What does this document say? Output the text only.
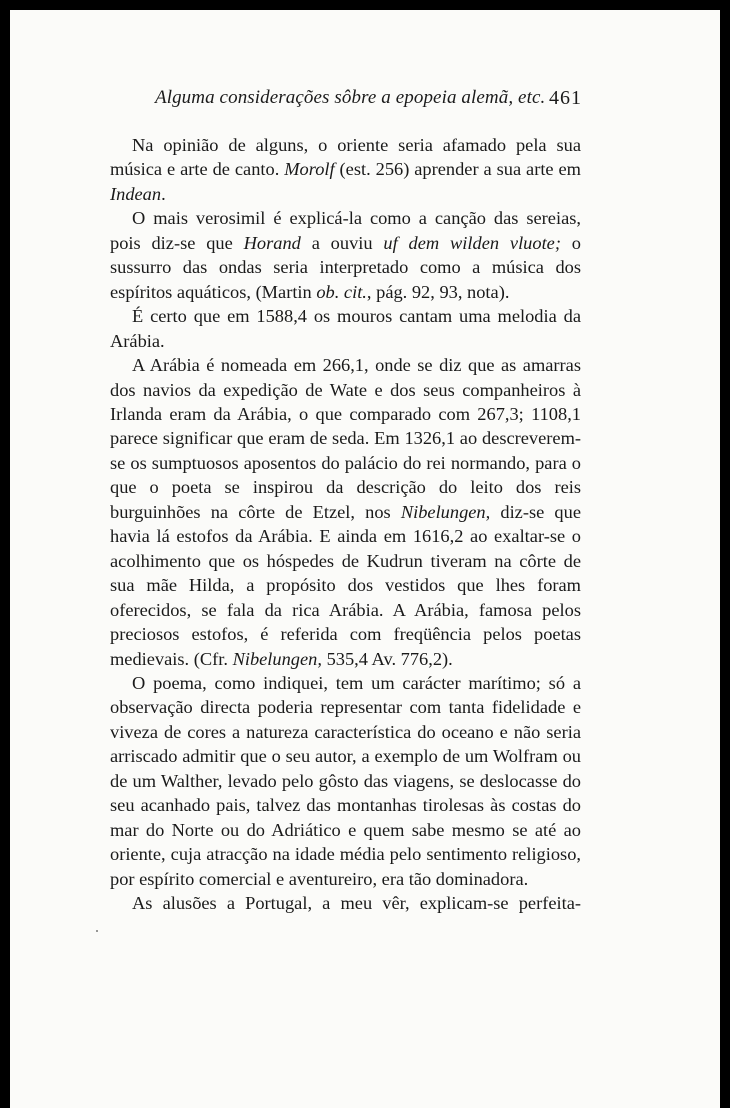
Alguma considerações sôbre a epopeia alemã, etc. 461

Na opinião de alguns, o oriente seria afamado pela sua música e arte de canto. Morolf (est. 256) aprender a sua arte em Indean.

O mais verosimil é explicá-la como a canção das sereias, pois diz-se que Horand a ouviu uf dem wilden vluote; o sussurro das ondas seria interpretado como a música dos espíritos aquáticos, (Martin ob. cit., pág. 92, 93, nota).

É certo que em 1588,4 os mouros cantam uma melodia da Arábia.

A Arábia é nomeada em 266,1, onde se diz que as amarras dos navios da expedição de Wate e dos seus companheiros à Irlanda eram da Arábia, o que comparado com 267,3; 1108,1 parece significar que eram de seda. Em 1326,1 ao descreverem-se os sumptuosos aposentos do palácio do rei normando, para o que o poeta se inspirou da descrição do leito dos reis burguinhões na côrte de Etzel, nos Nibelungen, diz-se que havia lá estofos da Arábia. E ainda em 1616,2 ao exaltar-se o acolhimento que os hóspedes de Kudrun tiveram na côrte de sua mãe Hilda, a propósito dos vestidos que lhes foram oferecidos, se fala da rica Arábia. A Arábia, famosa pelos preciosos estofos, é referida com freqüência pelos poetas medievais. (Cfr. Nibelungen, 535,4 Av. 776,2).

O poema, como indiquei, tem um carácter marítimo; só a observação directa poderia representar com tanta fidelidade e viveza de cores a natureza característica do oceano e não seria arriscado admitir que o seu autor, a exemplo de um Wolfram ou de um Walther, levado pelo gôsto das viagens, se deslocasse do seu acanhado pais, talvez das montanhas tirolesas às costas do mar do Norte ou do Adriático e quem sabe mesmo se até ao oriente, cuja atracção na idade média pelo sentimento religioso, por espírito comercial e aventureiro, era tão dominadora.

As alusões a Portugal, a meu vêr, explicam-se perfeita-
